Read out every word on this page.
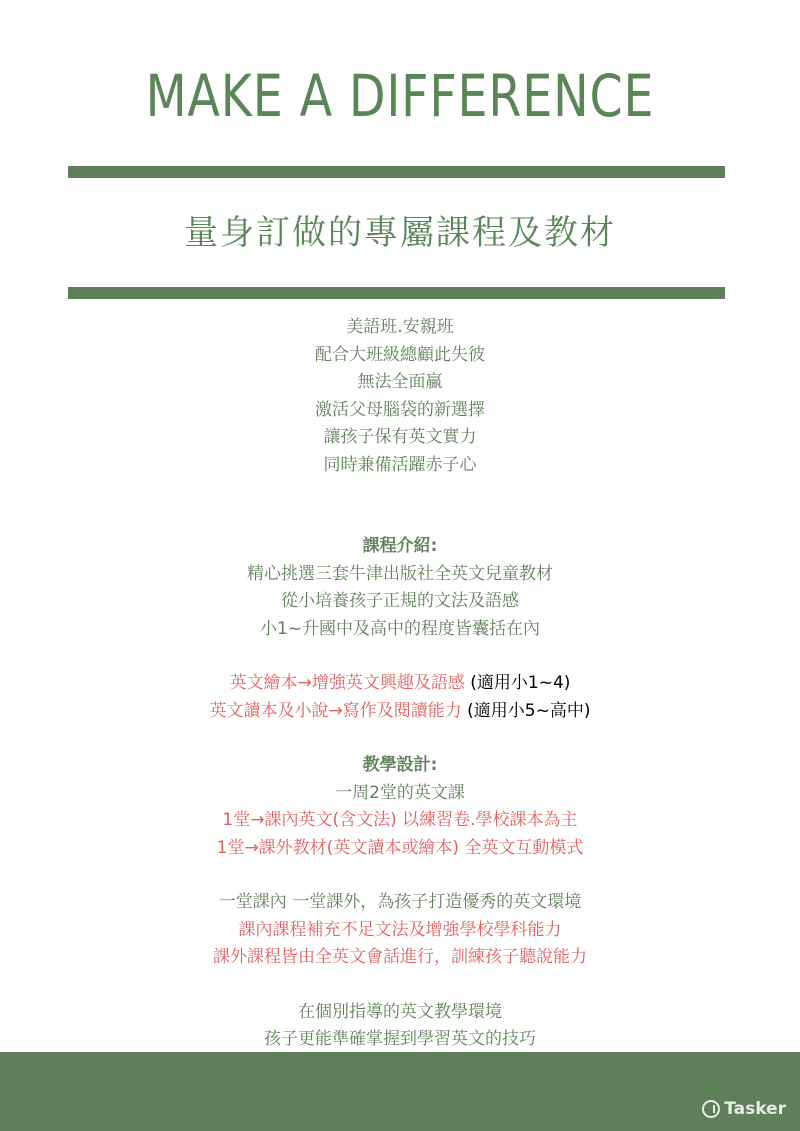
MAKE A DIFFERENCE
量身訂做的專屬課程及教材
美語班.安親班
配合大班級總顧此失彼
無法全面贏
激活父母腦袋的新選擇
讓孩子保有英文實力
同時兼備活躍赤子心
課程介紹:
精心挑選三套牛津出版社全英文兒童教材
從小培養孩子正規的文法及語感
小1~升國中及高中的程度皆囊括在內
英文繪本→增強英文興趣及語感 (適用小1~4)
英文讀本及小說→寫作及閱讀能力 (適用小5~高中)
教學設計:
一周2堂的英文課
1堂→課內英文(含文法) 以練習卷.學校課本為主
1堂→課外教材(英文讀本或繪本) 全英文互動模式
一堂課內 一堂課外，為孩子打造優秀的英文環境
課內課程補充不足文法及增強學校學科能力
課外課程皆由全英文會話進行，訓練孩子聽說能力
在個別指導的英文教學環境
孩子更能準確掌握到學習英文的技巧
Tasker
